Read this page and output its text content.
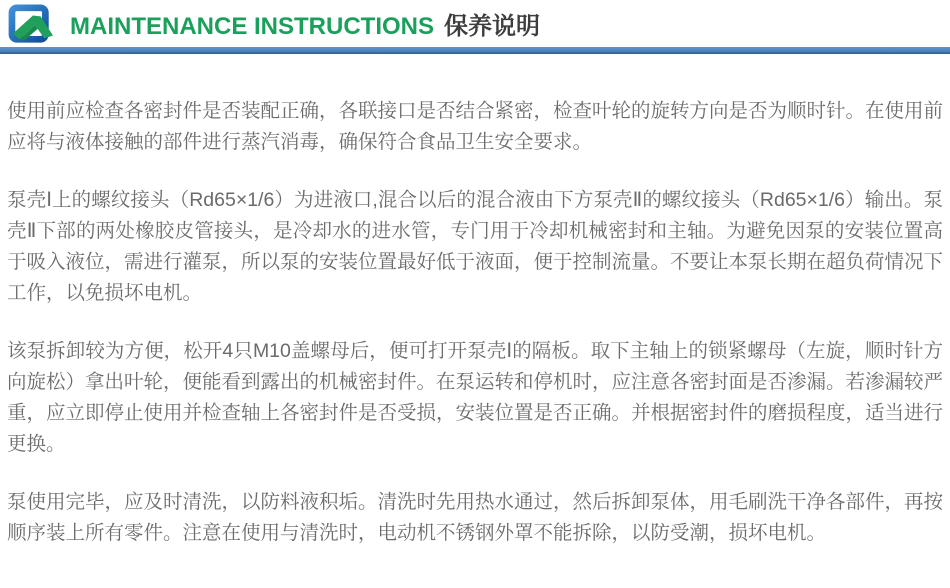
MAINTENANCE INSTRUCTIONS 保养说明

使用前应检查各密封件是否装配正确，各联接口是否结合紧密，检查叶轮的旋转方向是否为顺时针。在使用前应将与液体接触的部件进行蒸汽消毒，确保符合食品卫生安全要求。

泵壳Ⅰ上的螺纹接头（Rd65×1/6）为进液口,混合以后的混合液由下方泵壳Ⅱ的螺纹接头（Rd65×1/6）输出。泵壳Ⅱ下部的两处橡胶皮管接头，是冷却水的进水管，专门用于冷却机械密封和主轴。为避免因泵的安装位置高于吸入液位，需进行灌泵，所以泵的安装位置最好低于液面，便于控制流量。不要让本泵长期在超负荷情况下工作，以免损坏电机。

该泵拆卸较为方便，松开4只M10盖螺母后，便可打开泵壳Ⅰ的隔板。取下主轴上的锁紧螺母（左旋，顺时针方向旋松）拿出叶轮，便能看到露出的机械密封件。在泵运转和停机时，应注意各密封面是否渗漏。若渗漏较严重，应立即停止使用并检查轴上各密封件是否受损，安装位置是否正确。并根据密封件的磨损程度，适当进行更换。

泵使用完毕，应及时清洗，以防料液积垢。清洗时先用热水通过，然后拆卸泵体，用毛刷洗干净各部件，再按顺序装上所有零件。注意在使用与清洗时，电动机不锈钢外罩不能拆除，以防受潮，损坏电机。
